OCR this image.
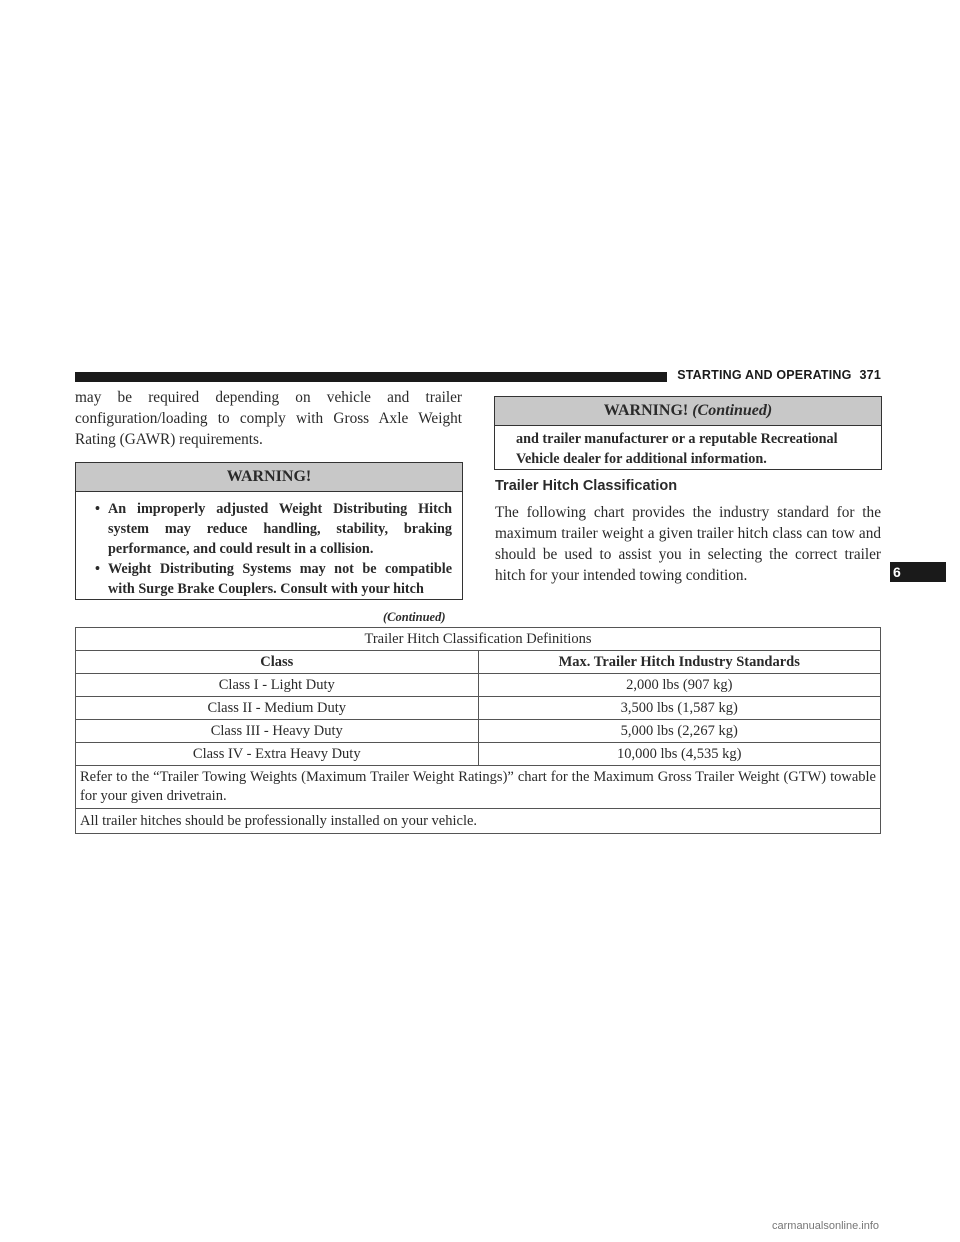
STARTING AND OPERATING 371
6

may be required depending on vehicle and trailer configuration/loading to comply with Gross Axle Weight Rating (GAWR) requirements.

WARNING!
• An improperly adjusted Weight Distributing Hitch system may reduce handling, stability, braking performance, and could result in a collision.
• Weight Distributing Systems may not be compatible with Surge Brake Couplers. Consult with your hitch
(Continued)
WARNING! (Continued)
and trailer manufacturer or a reputable Recreational Vehicle dealer for additional information.
Trailer Hitch Classification

The following chart provides the industry standard for the maximum trailer weight a given trailer hitch class can tow and should be used to assist you in selecting the correct trailer hitch for your intended towing condition.

Trailer Hitch Classification Definitions	
Class	Max. Trailer Hitch Industry Standards
Class I - Light Duty	2,000 lbs (907 kg)
Class II - Medium Duty	3,500 lbs (1,587 kg)
Class III - Heavy Duty	5,000 lbs (2,267 kg)
Class IV - Extra Heavy Duty	10,000 lbs (4,535 kg)
Refer to the “Trailer Towing Weights (Maximum Trailer Weight Ratings)” chart for the Maximum Gross Trailer Weight (GTW) towable for your given drivetrain.	
All trailer hitches should be professionally installed on your vehicle.	
carmanualsonline.info
